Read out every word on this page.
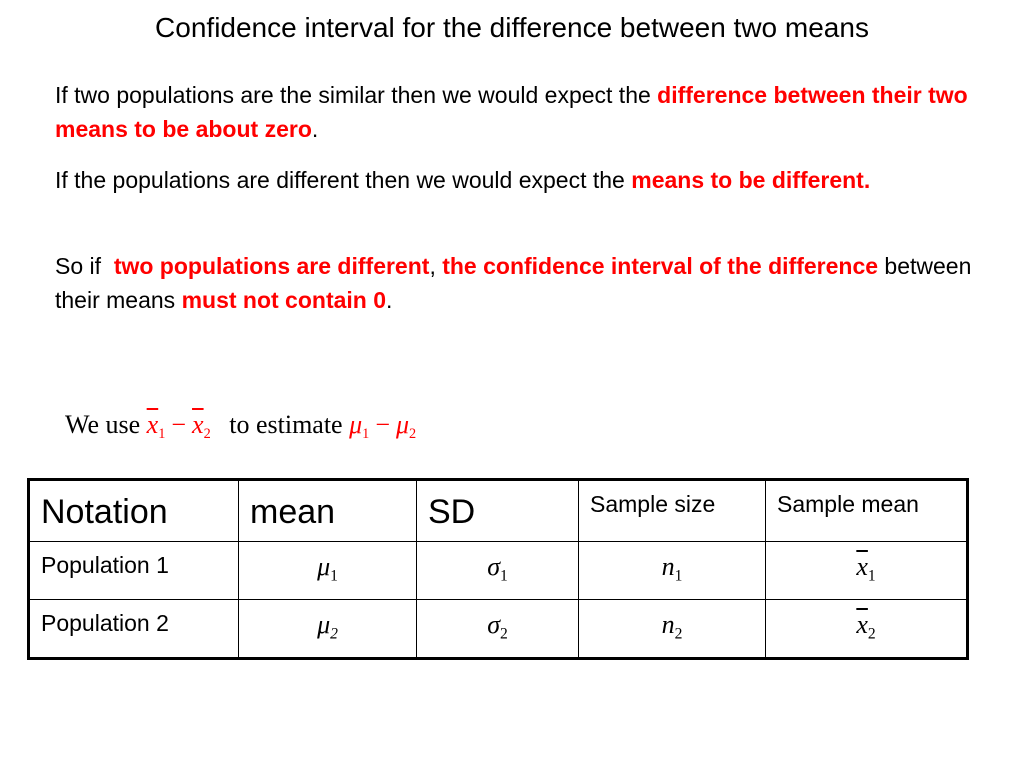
Confidence interval for the difference between two means

If two populations are the similar then we would expect the difference between their two means to be about zero.

If the populations are different then we would expect the means to be different.

So if  two populations are different, the confidence interval of the difference between their means must not contain 0.

We use $\overline{x}_1 - \overline{x}_2$ to estimate $\mu_1 - \mu_2$
Notation	mean	SD	Sample size	Sample mean

Population 1	$\mu_1$	$\sigma_1$	$n_1$	$\overline{x}_1$

Population 2	$\mu_2$	$\sigma_2$	$n_2$	$\overline{x}_2$
